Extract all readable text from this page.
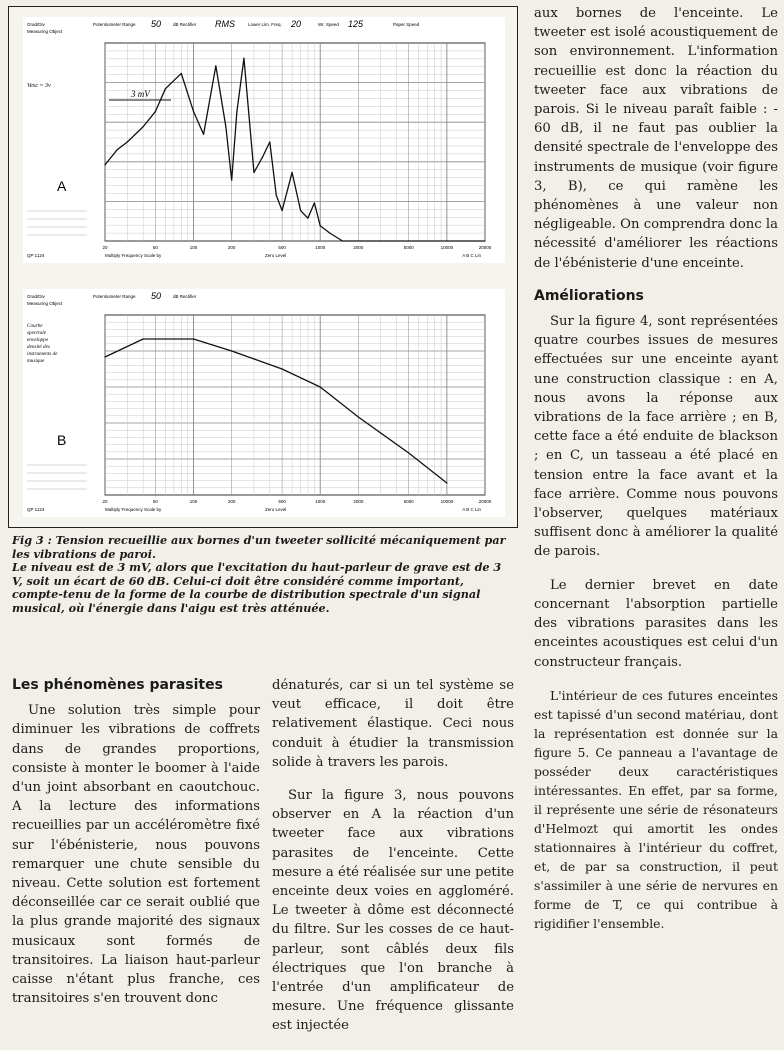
Grad/Div
Measuring Object
Potentiometer Range 50	dB Rectifier RMS	Lower Lim. Freq. 20	Wr. Speed 125	Paper Speed
20	50	100	200	500	1000	2000	5000	10000	20000
Multiply Frequency Scale by	Zero Level	A B C Lin
QP 1124
A
Vexc = 3v
3 mV
Grad/Div
Measuring Object
Potentiometer Range 50	dB Rectifier
20	50	100	200	500	1000	2000	5000	10000	20000
Multiply Frequency Scale by	Zero Level	A B C Lin
QP 1124
B
Courbe spectrale enveloppe densité des instruments de musique

Fig 3 : Tension recueillie aux bornes d'un tweeter sollicité mécaniquement par les vibrations de paroi.

Le niveau est de 3 mV, alors que l'excitation du haut-parleur de grave est de 3 V, soit un écart de 60 dB. Celui-ci doit être considéré comme important, compte-tenu de la forme de la courbe de distribution spectrale d'un signal musical, où l'énergie dans l'aigu est très atténuée.

aux bornes de l'enceinte. Le tweeter est isolé acoustiquement de son environnement. L'information recueillie est donc la réaction du tweeter face aux vibrations de parois. Si le niveau paraît faible : - 60 dB, il ne faut pas oublier la densité spectrale de l'enveloppe des instruments de musique (voir figure 3, B), ce qui ramène les phénomènes à une valeur non négligeable. On comprendra donc la nécessité d'améliorer les réactions de l'ébénisterie d'une enceinte.

Améliorations

Sur la figure 4, sont représentées quatre courbes issues de mesures effectuées sur une enceinte ayant une construction classique : en A, nous avons la réponse aux vibrations de la face arrière ; en B, cette face a été enduite de blackson ; en C, un tasseau a été placé en tension entre la face avant et la face arrière. Comme nous pouvons l'observer, quelques matériaux suffisent donc à améliorer la qualité de parois.

Le dernier brevet en date concernant l'absorption partielle des vibrations parasites dans les enceintes acoustiques est celui d'un constructeur français.

L'intérieur de ces futures enceintes est tapissé d'un second matériau, dont la représentation est donnée sur la figure 5. Ce panneau a l'avantage de posséder deux caractéristiques intéressantes. En effet, par sa forme, il représente une série de résonateurs d'Helmozt qui amortit les ondes stationnaires à l'intérieur du coffret, et, de par sa construction, il peut s'assimiler à une série de nervures en forme de T, ce qui contribue à rigidifier l'ensemble.

Les phénomènes parasites

Une solution très simple pour diminuer les vibrations de coffrets dans de grandes proportions, consiste à monter le boomer à l'aide d'un joint absorbant en caoutchouc. A la lecture des informations recueillies par un accéléromètre fixé sur l'ébénisterie, nous pouvons remarquer une chute sensible du niveau. Cette solution est fortement déconseillée car ce serait oublié que la plus grande majorité des signaux musicaux sont formés de transitoires. La liaison haut-parleur caisse n'étant plus franche, ces transitoires s'en trouvent donc

dénaturés, car si un tel système se veut efficace, il doit être relativement élastique. Ceci nous conduit à étudier la transmission solide à travers les parois.

Sur la figure 3, nous pouvons observer en A la réaction d'un tweeter face aux vibrations parasites de l'enceinte. Cette mesure a été réalisée sur une petite enceinte deux voies en aggloméré. Le tweeter à dôme est déconnecté du filtre. Sur les cosses de ce haut-parleur, sont câblés deux fils électriques que l'on branche à l'entrée d'un amplificateur de mesure. Une fréquence glissante est injectée
